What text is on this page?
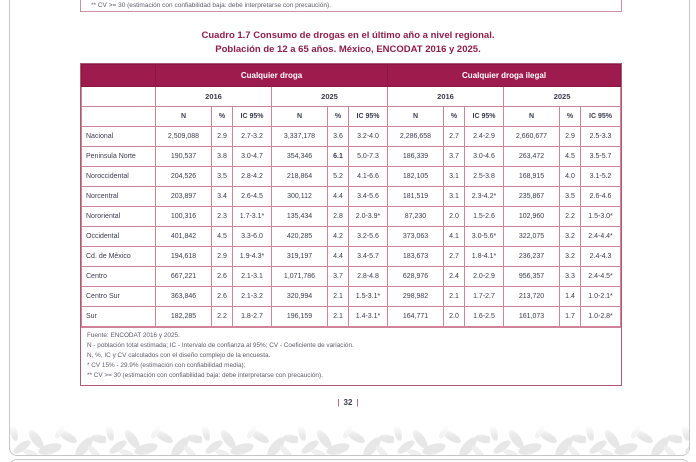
** CV >= 30 (estimación con confiabilidad baja: debe interpretarse con precaución).
Cuadro 1.7 Consumo de drogas en el último año a nivel regional.
Población de 12 a 65 años. México, ENCODAT 2016 y 2025.
	Cualquier droga						Cualquier droga ilegal					
	2016			2025			2016			2025		
	N	%	IC 95%	N	%	IC 95%	N	%	IC 95%	N	%	IC 95%
Nacional	2,509,088	2.9	2.7-3.2	3,337,178	3.6	3.2-4.0	2,286,658	2.7	2.4-2.9	2,660,677	2.9	2.5-3.3
Peninsula Norte	190,537	3.8	3.0-4.7	354,346	6.1	5.0-7.3	186,339	3.7	3.0-4.6	263,472	4.5	3.5-5.7
Noroccidental	204,526	3.5	2.8-4.2	218,864	5.2	4.1-6.6	182,105	3.1	2.5-3.8	168,915	4.0	3.1-5.2
Norcentral	203,897	3.4	2.6-4.5	300,112	4.4	3.4-5.6	181,519	3.1	2.3-4.2*	235,867	3.5	2.6-4.6
Nororiental	100,316	2.3	1.7-3.1*	135,434	2.8	2.0-3.9*	87,230	2.0	1.5-2.6	102,960	2.2	1.5-3.0*
Occidental	401,842	4.5	3.3-6.0	420,285	4.2	3.2-5.6	373,063	4.1	3.0-5.6*	322,075	3.2	2.4-4.4*
Cd. de México	194,618	2.9	1.9-4.3*	319,197	4.4	3.4-5.7	183,673	2.7	1.8-4.1*	236,237	3.2	2.4-4.3
Centro	667,221	2.6	2.1-3.1	1,071,786	3.7	2.8-4.8	628,976	2.4	2.0-2.9	956,357	3.3	2.4-4.5*
Centro Sur	363,846	2.6	2.1-3.2	320,994	2.1	1.5-3.1*	298,982	2.1	1.7-2.7	213,720	1.4	1.0-2.1*
Sur	182,285	2.2	1.8-2.7	196,159	2.1	1.4-3.1*	164,771	2.0	1.6-2.5	161,073	1.7	1.0-2.8*
Fuente: ENCODAT 2016 y 2025.
N - población total estimada; IC - Intervalo de confianza al 95%; CV - Coeficiente de variación.
N, %, IC y CV calculados con el diseño complejo de la encuesta.
* CV 15% - 29.9% (estimación con confiabilidad media);
** CV >= 30 (estimación con confiabilidad baja: debe interpretarse con precaución).
| 32 |
